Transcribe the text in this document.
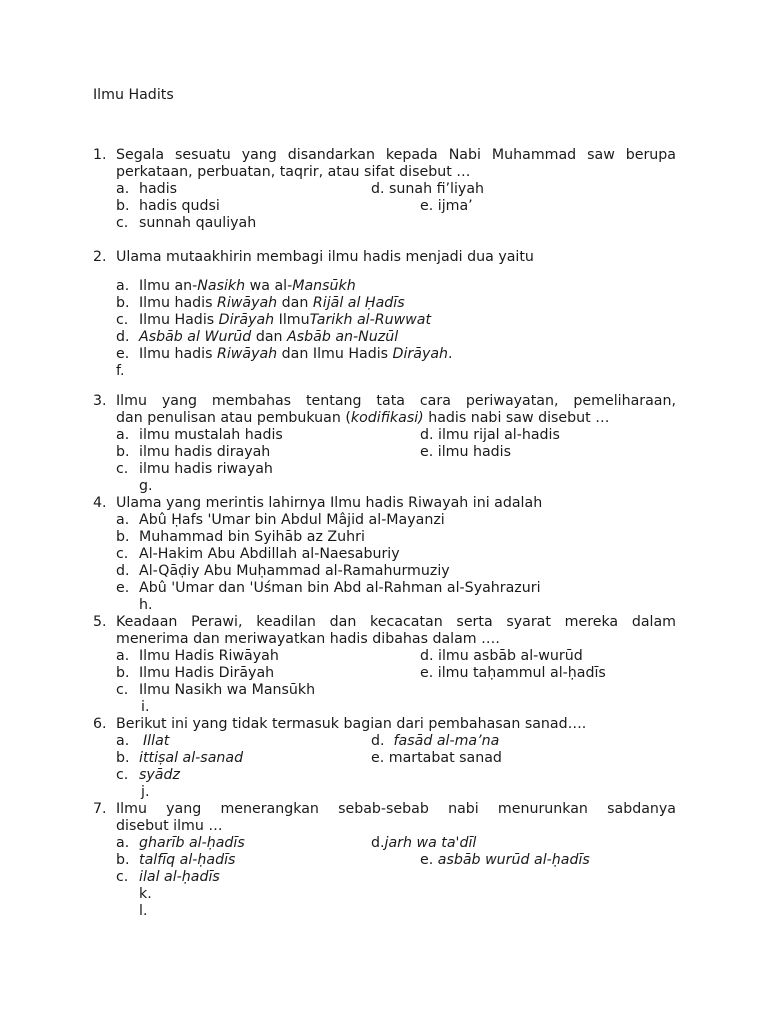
Ilmu Hadits
1. Segala sesuatu yang disandarkan kepada Nabi Muhammad saw berupa
perkataan, perbuatan, taqrir, atau sifat disebut …
a. hadis
b. hadis qudsi
c. sunnah qauliyah
d. sunah fi’liyah
e. ijma’
2. Ulama mutaakhirin membagi ilmu hadis menjadi dua yaitu
a. Ilmu an-Nasikh wa al-Mansūkh
b. Ilmu hadis Riwāyah dan Rijāl al Ḥadīs
c. Ilmu Hadis Dirāyah IlmuTarikh al-Ruwwat
d. Asbāb al Wurūd dan Asbāb an-Nuzūl
e. Ilmu hadis Riwāyah dan Ilmu Hadis Dirāyah.
f.
3. Ilmu yang membahas tentang tata cara periwayatan, pemeliharaan,
dan penulisan atau pembukuan (kodifikasi) hadis nabi saw disebut …
a. ilmu mustalah hadis
b. ilmu hadis dirayah
c. ilmu hadis riwayah
d. ilmu rijal al-hadis
e. ilmu hadis
g.
4. Ulama yang merintis lahirnya Ilmu hadis Riwayah ini adalah
a. Abû Ḥafs 'Umar bin Abdul Mâjid al-Mayanzi
b. Muhammad bin Syihāb az Zuhri
c. Al-Hakim Abu Abdillah al-Naesaburiy
d. Al-Qāḍiy Abu Muḥammad al-Ramahurmuziy
e. Abû 'Umar dan 'Uśman bin Abd al-Rahman al-Syahrazuri
h.
5. Keadaan Perawi, keadilan dan kecacatan serta syarat mereka dalam
menerima dan meriwayatkan hadis dibahas dalam ….
a. Ilmu Hadis Riwāyah
b. Ilmu Hadis Dirāyah
c. Ilmu Nasikh wa Mansūkh
d. ilmu asbāb al-wurūd
e. ilmu taḥammul al-ḥadīs
i.
6. Berikut ini yang tidak termasuk bagian dari pembahasan sanad….
a. Illat
b. ittiṣal al-sanad
c. syādz
d. fasād al-ma’na
e. martabat sanad
j.
7. Ilmu yang menerangkan sebab-sebab nabi menurunkan sabdanya
disebut ilmu …
a. gharīb al-ḥadīs
b. talfīq al-ḥadīs
c. ilal al-ḥadīs
d.jarh wa ta'dīl
e. asbāb wurūd al-ḥadīs
k.
l.
